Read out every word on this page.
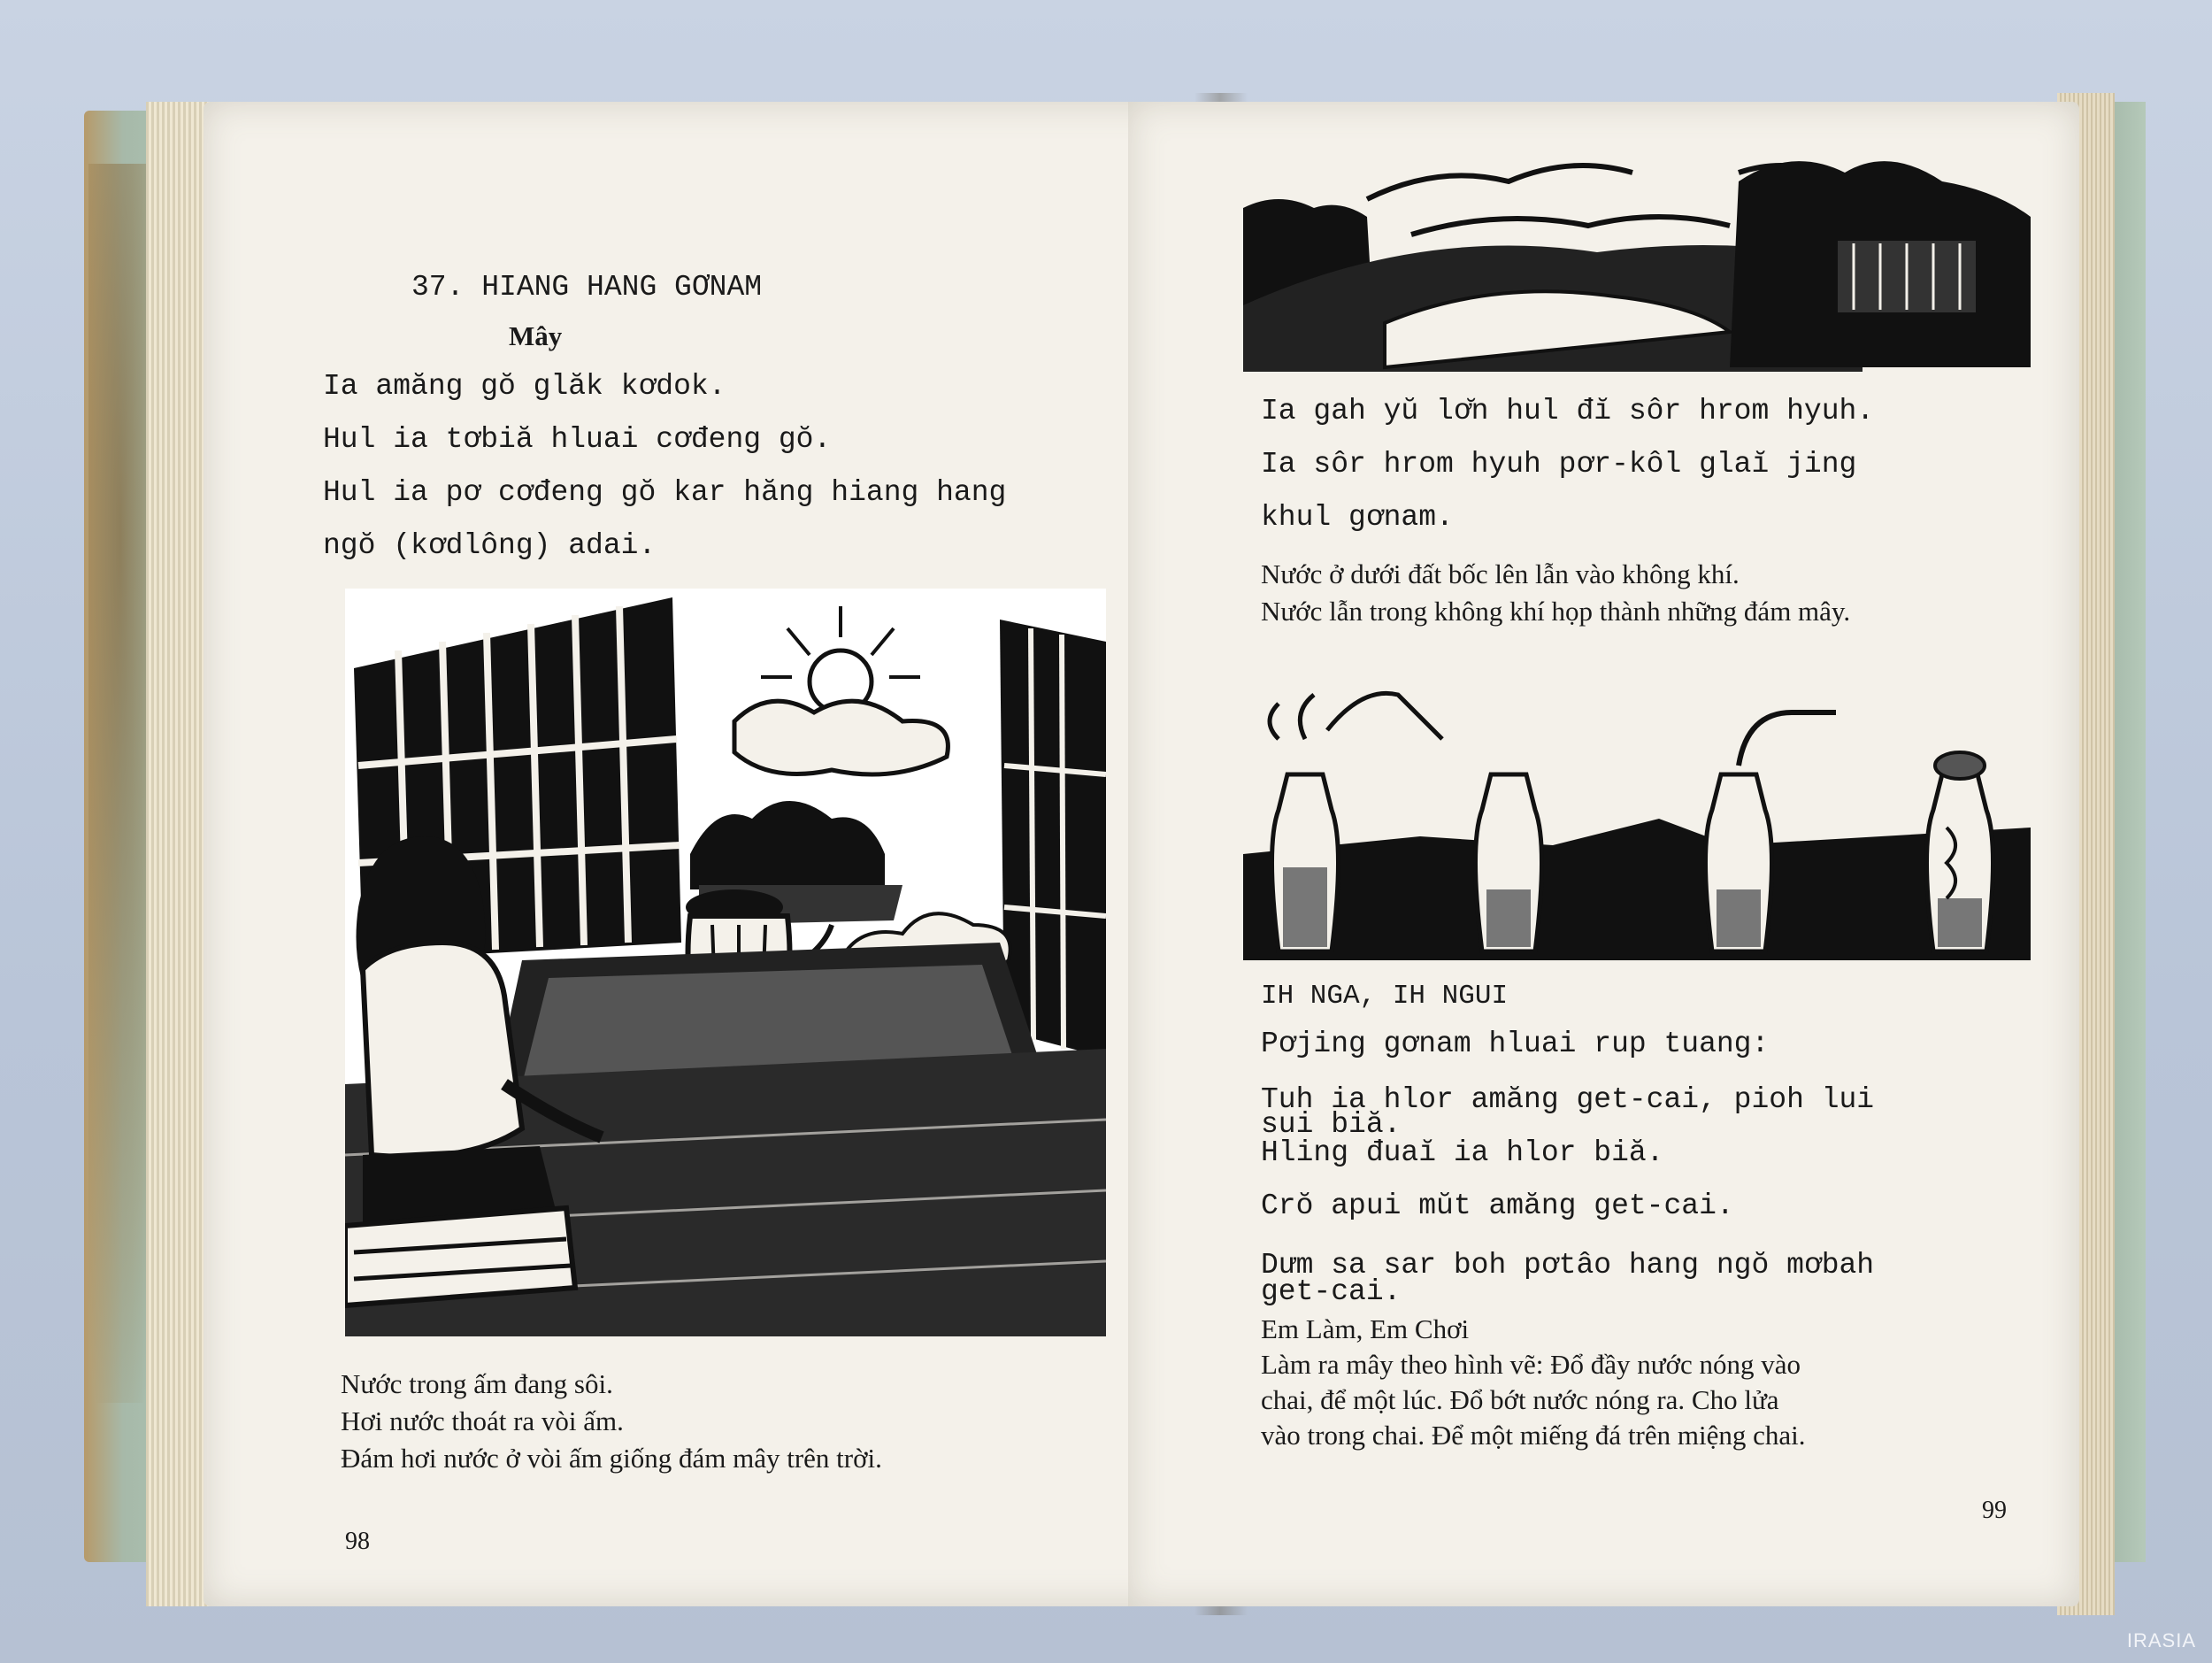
37. HIANG HANG GƠNAM
Mây
Ia amăng gŏ glăk kơdok.
Hul ia tơbiă hluai cơđeng gŏ.
Hul ia pơ cơđeng gŏ kar hăng hiang hang
ngŏ (kơdlông) adai.
Nước trong ấm đang sôi.
Hơi nước thoát ra vòi ấm.
Đám hơi nước ở vòi ấm giống đám mây trên trời.
98
Ia gah yŭ lơ̆n hul đĭ sôr hrom hyuh.
Ia sôr hrom hyuh pơr-kôl glaĭ jing
khul gơnam.
Nước ở dưới đất bốc lên lẫn vào không khí.
Nước lẫn trong không khí họp thành những đám mây.
IH NGA, IH NGUI
Pơjing gơnam hluai rup tuang:
Tuh ia hlor amăng get-cai, pioh lui
sui biă.
Hling đuaĭ ia hlor biă.
Crŏ apui mŭt amăng get-cai.
Dưm sa sar boh pơtâo hang ngŏ mơbah
get-cai.
Em Làm, Em Chơi
Làm ra mây theo hình vẽ: Đổ đầy nước nóng vào
chai, để một lúc. Đổ bớt nước nóng ra. Cho lửa
vào trong chai. Để một miếng đá trên miệng chai.
99
IRASIA
